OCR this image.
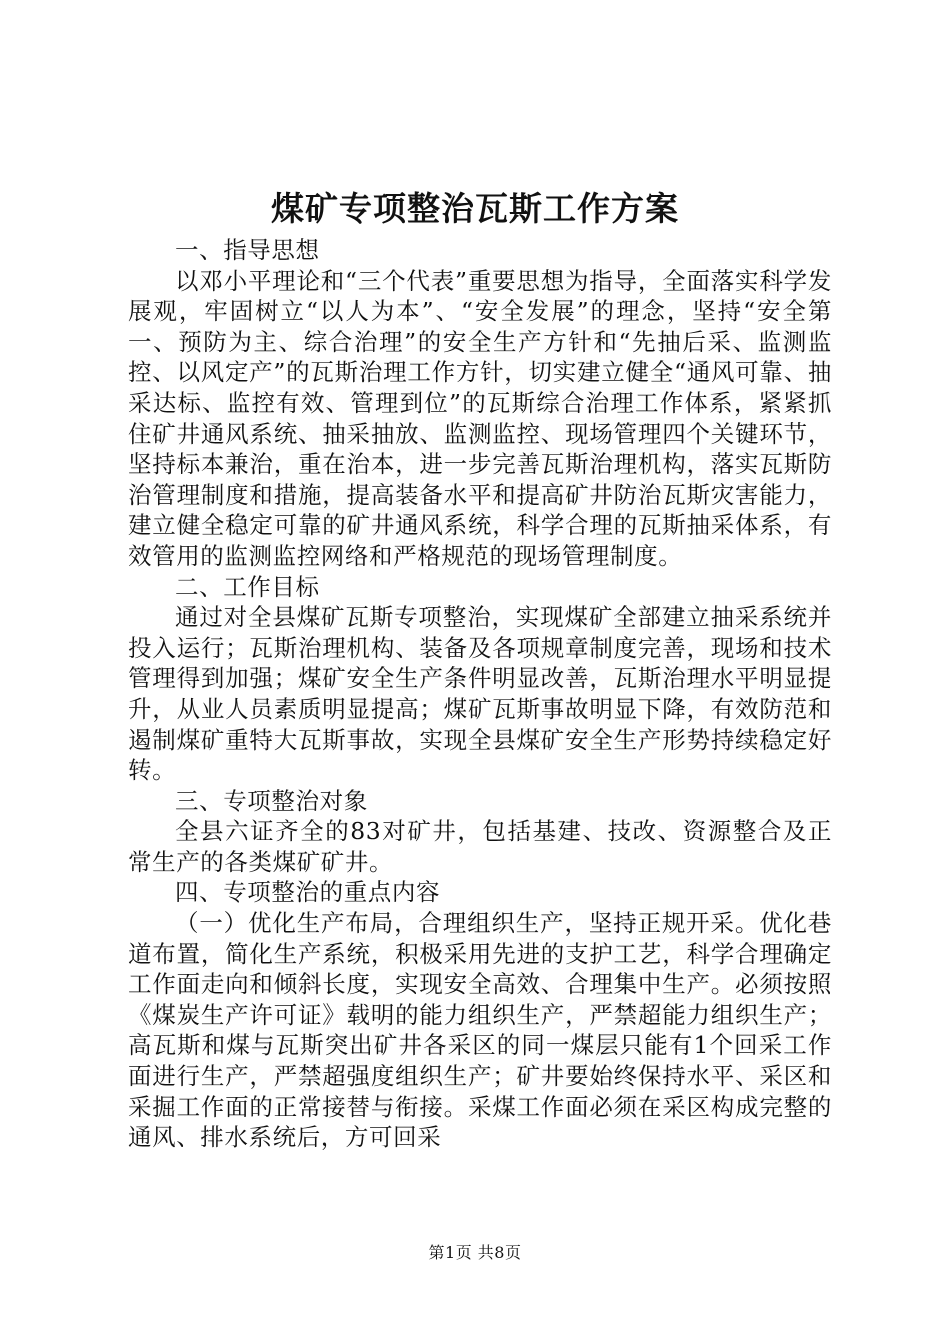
煤矿专项整治瓦斯工作方案

一、指导思想

以邓小平理论和“三个代表”重要思想为指导，全面落实科学发展观，牢固树立“以人为本”、“安全发展”的理念，坚持“安全第一、预防为主、综合治理”的安全生产方针和“先抽后采、监测监控、以风定产”的瓦斯治理工作方针，切实建立健全“通风可靠、抽采达标、监控有效、管理到位”的瓦斯综合治理工作体系，紧紧抓住矿井通风系统、抽采抽放、监测监控、现场管理四个关键环节，坚持标本兼治，重在治本，进一步完善瓦斯治理机构，落实瓦斯防治管理制度和措施，提高装备水平和提高矿井防治瓦斯灾害能力，建立健全稳定可靠的矿井通风系统，科学合理的瓦斯抽采体系，有效管用的监测监控网络和严格规范的现场管理制度。

二、工作目标

通过对全县煤矿瓦斯专项整治，实现煤矿全部建立抽采系统并投入运行；瓦斯治理机构、装备及各项规章制度完善，现场和技术管理得到加强；煤矿安全生产条件明显改善，瓦斯治理水平明显提升，从业人员素质明显提高；煤矿瓦斯事故明显下降，有效防范和遏制煤矿重特大瓦斯事故，实现全县煤矿安全生产形势持续稳定好转。

三、专项整治对象

全县六证齐全的83对矿井，包括基建、技改、资源整合及正常生产的各类煤矿矿井。

四、专项整治的重点内容

（一）优化生产布局，合理组织生产，坚持正规开采。优化巷道布置，简化生产系统，积极采用先进的支护工艺，科学合理确定工作面走向和倾斜长度，实现安全高效、合理集中生产。必须按照《煤炭生产许可证》载明的能力组织生产，严禁超能力组织生产；高瓦斯和煤与瓦斯突出矿井各采区的同一煤层只能有1个回采工作面进行生产，严禁超强度组织生产；矿井要始终保持水平、采区和采掘工作面的正常接替与衔接。采煤工作面必须在采区构成完整的通风、排水系统后，方可回采

第1页 共8页
